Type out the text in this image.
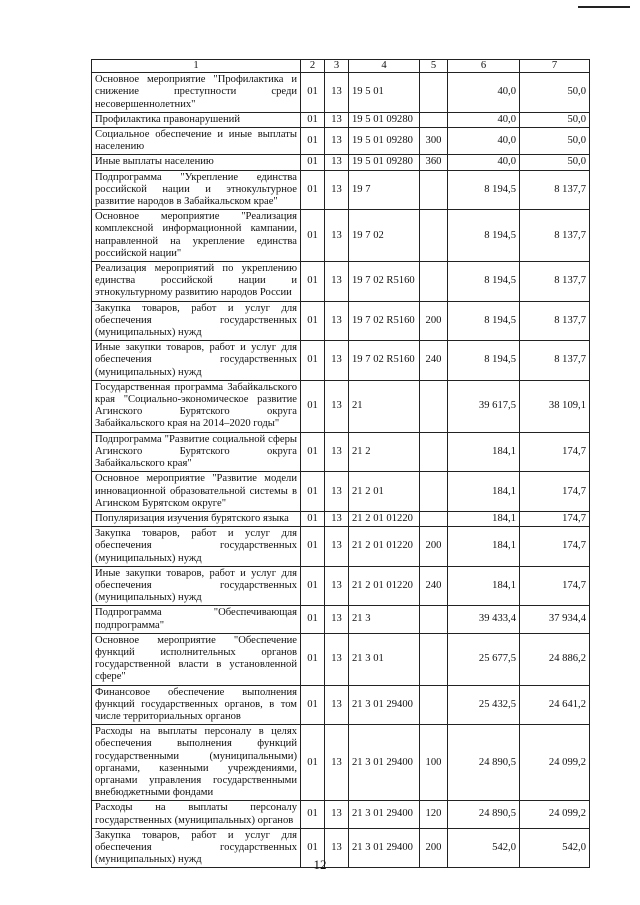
1	2	3	4	5	6	7
Основное мероприятие "Профилактика и снижение преступности среди несовершеннолетних"	01	13	19 5 01		40,0	50,0
Профилактика правонарушений	01	13	19 5 01 09280		40,0	50,0
Социальное обеспечение и иные выплаты населению	01	13	19 5 01 09280	300	40,0	50,0
Иные выплаты населению	01	13	19 5 01 09280	360	40,0	50,0
Подпрограмма "Укрепление единства российской нации и этнокультурное развитие народов в Забайкальском крае"	01	13	19 7		8 194,5	8 137,7
Основное мероприятие "Реализация комплексной информационной кампании, направленной на укрепление единства российской нации"	01	13	19 7 02		8 194,5	8 137,7
Реализация мероприятий по укреплению единства российской нации и этнокультурному развитию народов России	01	13	19 7 02 R5160		8 194,5	8 137,7
Закупка товаров, работ и услуг для обеспечения государственных (муниципальных) нужд	01	13	19 7 02 R5160	200	8 194,5	8 137,7
Иные закупки товаров, работ и услуг для обеспечения государственных (муниципальных) нужд	01	13	19 7 02 R5160	240	8 194,5	8 137,7
Государственная программа Забайкальского края "Социально-экономическое развитие Агинского Бурятского округа Забайкальского края на 2014–2020 годы"	01	13	21		39 617,5	38 109,1
Подпрограмма "Развитие социальной сферы Агинского Бурятского округа Забайкальского края"	01	13	21 2		184,1	174,7
Основное мероприятие "Развитие модели инновационной образовательной системы в Агинском Бурятском округе"	01	13	21 2 01		184,1	174,7
Популяризация изучения бурятского языка	01	13	21 2 01 01220		184,1	174,7
Закупка товаров, работ и услуг для обеспечения государственных (муниципальных) нужд	01	13	21 2 01 01220	200	184,1	174,7
Иные закупки товаров, работ и услуг для обеспечения государственных (муниципальных) нужд	01	13	21 2 01 01220	240	184,1	174,7
Подпрограмма "Обеспечивающая подпрограмма"	01	13	21 3		39 433,4	37 934,4
Основное мероприятие "Обеспечение функций исполнительных органов государственной власти в установленной сфере"	01	13	21 3 01		25 677,5	24 886,2
Финансовое обеспечение выполнения функций государственных органов, в том числе территориальных органов	01	13	21 3 01 29400		25 432,5	24 641,2
Расходы на выплаты персоналу в целях обеспечения выполнения функций государственными (муниципальными) органами, казенными учреждениями, органами управления государственными внебюджетными фондами	01	13	21 3 01 29400	100	24 890,5	24 099,2
Расходы на выплаты персоналу государственных (муниципальных) органов	01	13	21 3 01 29400	120	24 890,5	24 099,2
Закупка товаров, работ и услуг для обеспечения государственных (муниципальных) нужд	01	13	21 3 01 29400	200	542,0	542,0
12
